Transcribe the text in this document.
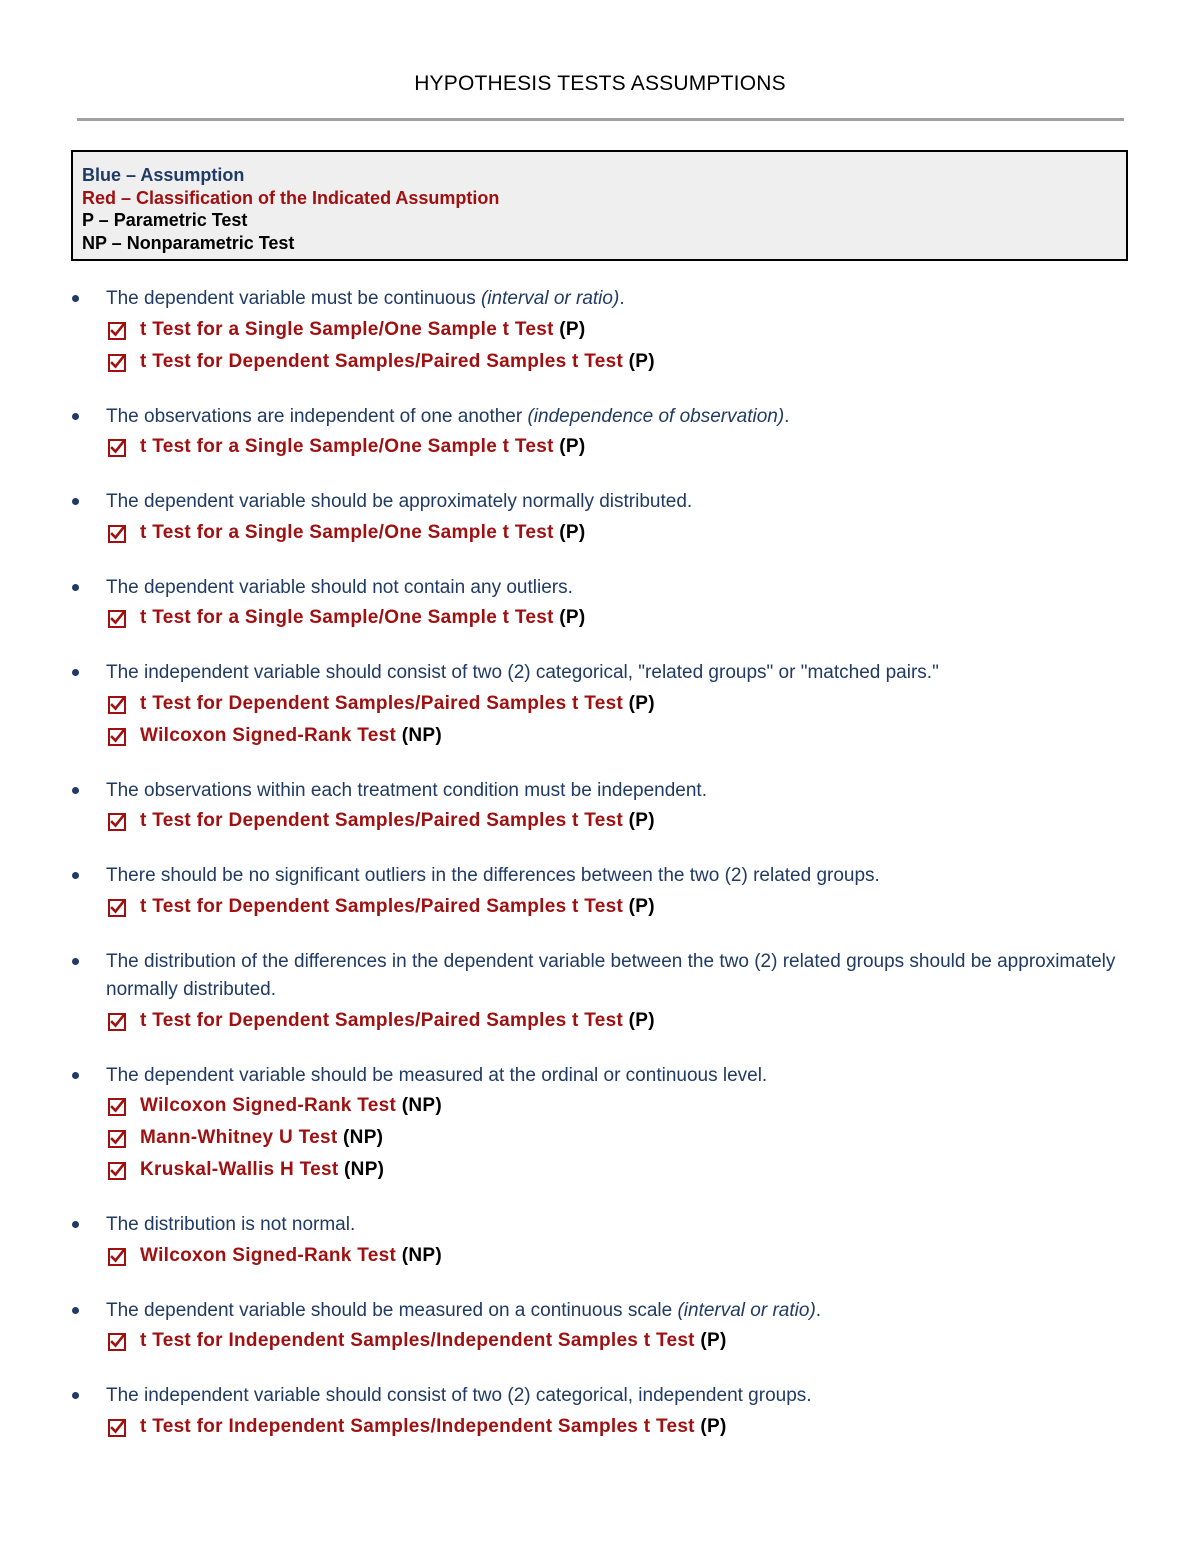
HYPOTHESIS TESTS ASSUMPTIONS
Blue – Assumption
Red – Classification of the Indicated Assumption
P – Parametric Test
NP – Nonparametric Test
The dependent variable must be continuous (interval or ratio).
t Test for a Single Sample/One Sample t Test (P)
t Test for Dependent Samples/Paired Samples t Test (P)
The observations are independent of one another (independence of observation).
t Test for a Single Sample/One Sample t Test (P)
The dependent variable should be approximately normally distributed.
t Test for a Single Sample/One Sample t Test (P)
The dependent variable should not contain any outliers.
t Test for a Single Sample/One Sample t Test (P)
The independent variable should consist of two (2) categorical, "related groups" or "matched pairs."
t Test for Dependent Samples/Paired Samples t Test (P)
Wilcoxon Signed-Rank Test (NP)
The observations within each treatment condition must be independent.
t Test for Dependent Samples/Paired Samples t Test (P)
There should be no significant outliers in the differences between the two (2) related groups.
t Test for Dependent Samples/Paired Samples t Test (P)
The distribution of the differences in the dependent variable between the two (2) related groups should be approximately normally distributed.
t Test for Dependent Samples/Paired Samples t Test (P)
The dependent variable should be measured at the ordinal or continuous level.
Wilcoxon Signed-Rank Test (NP)
Mann-Whitney U Test (NP)
Kruskal-Wallis H Test (NP)
The distribution is not normal.
Wilcoxon Signed-Rank Test (NP)
The dependent variable should be measured on a continuous scale (interval or ratio).
t Test for Independent Samples/Independent Samples t Test (P)
The independent variable should consist of two (2) categorical, independent groups.
t Test for Independent Samples/Independent Samples t Test (P)
